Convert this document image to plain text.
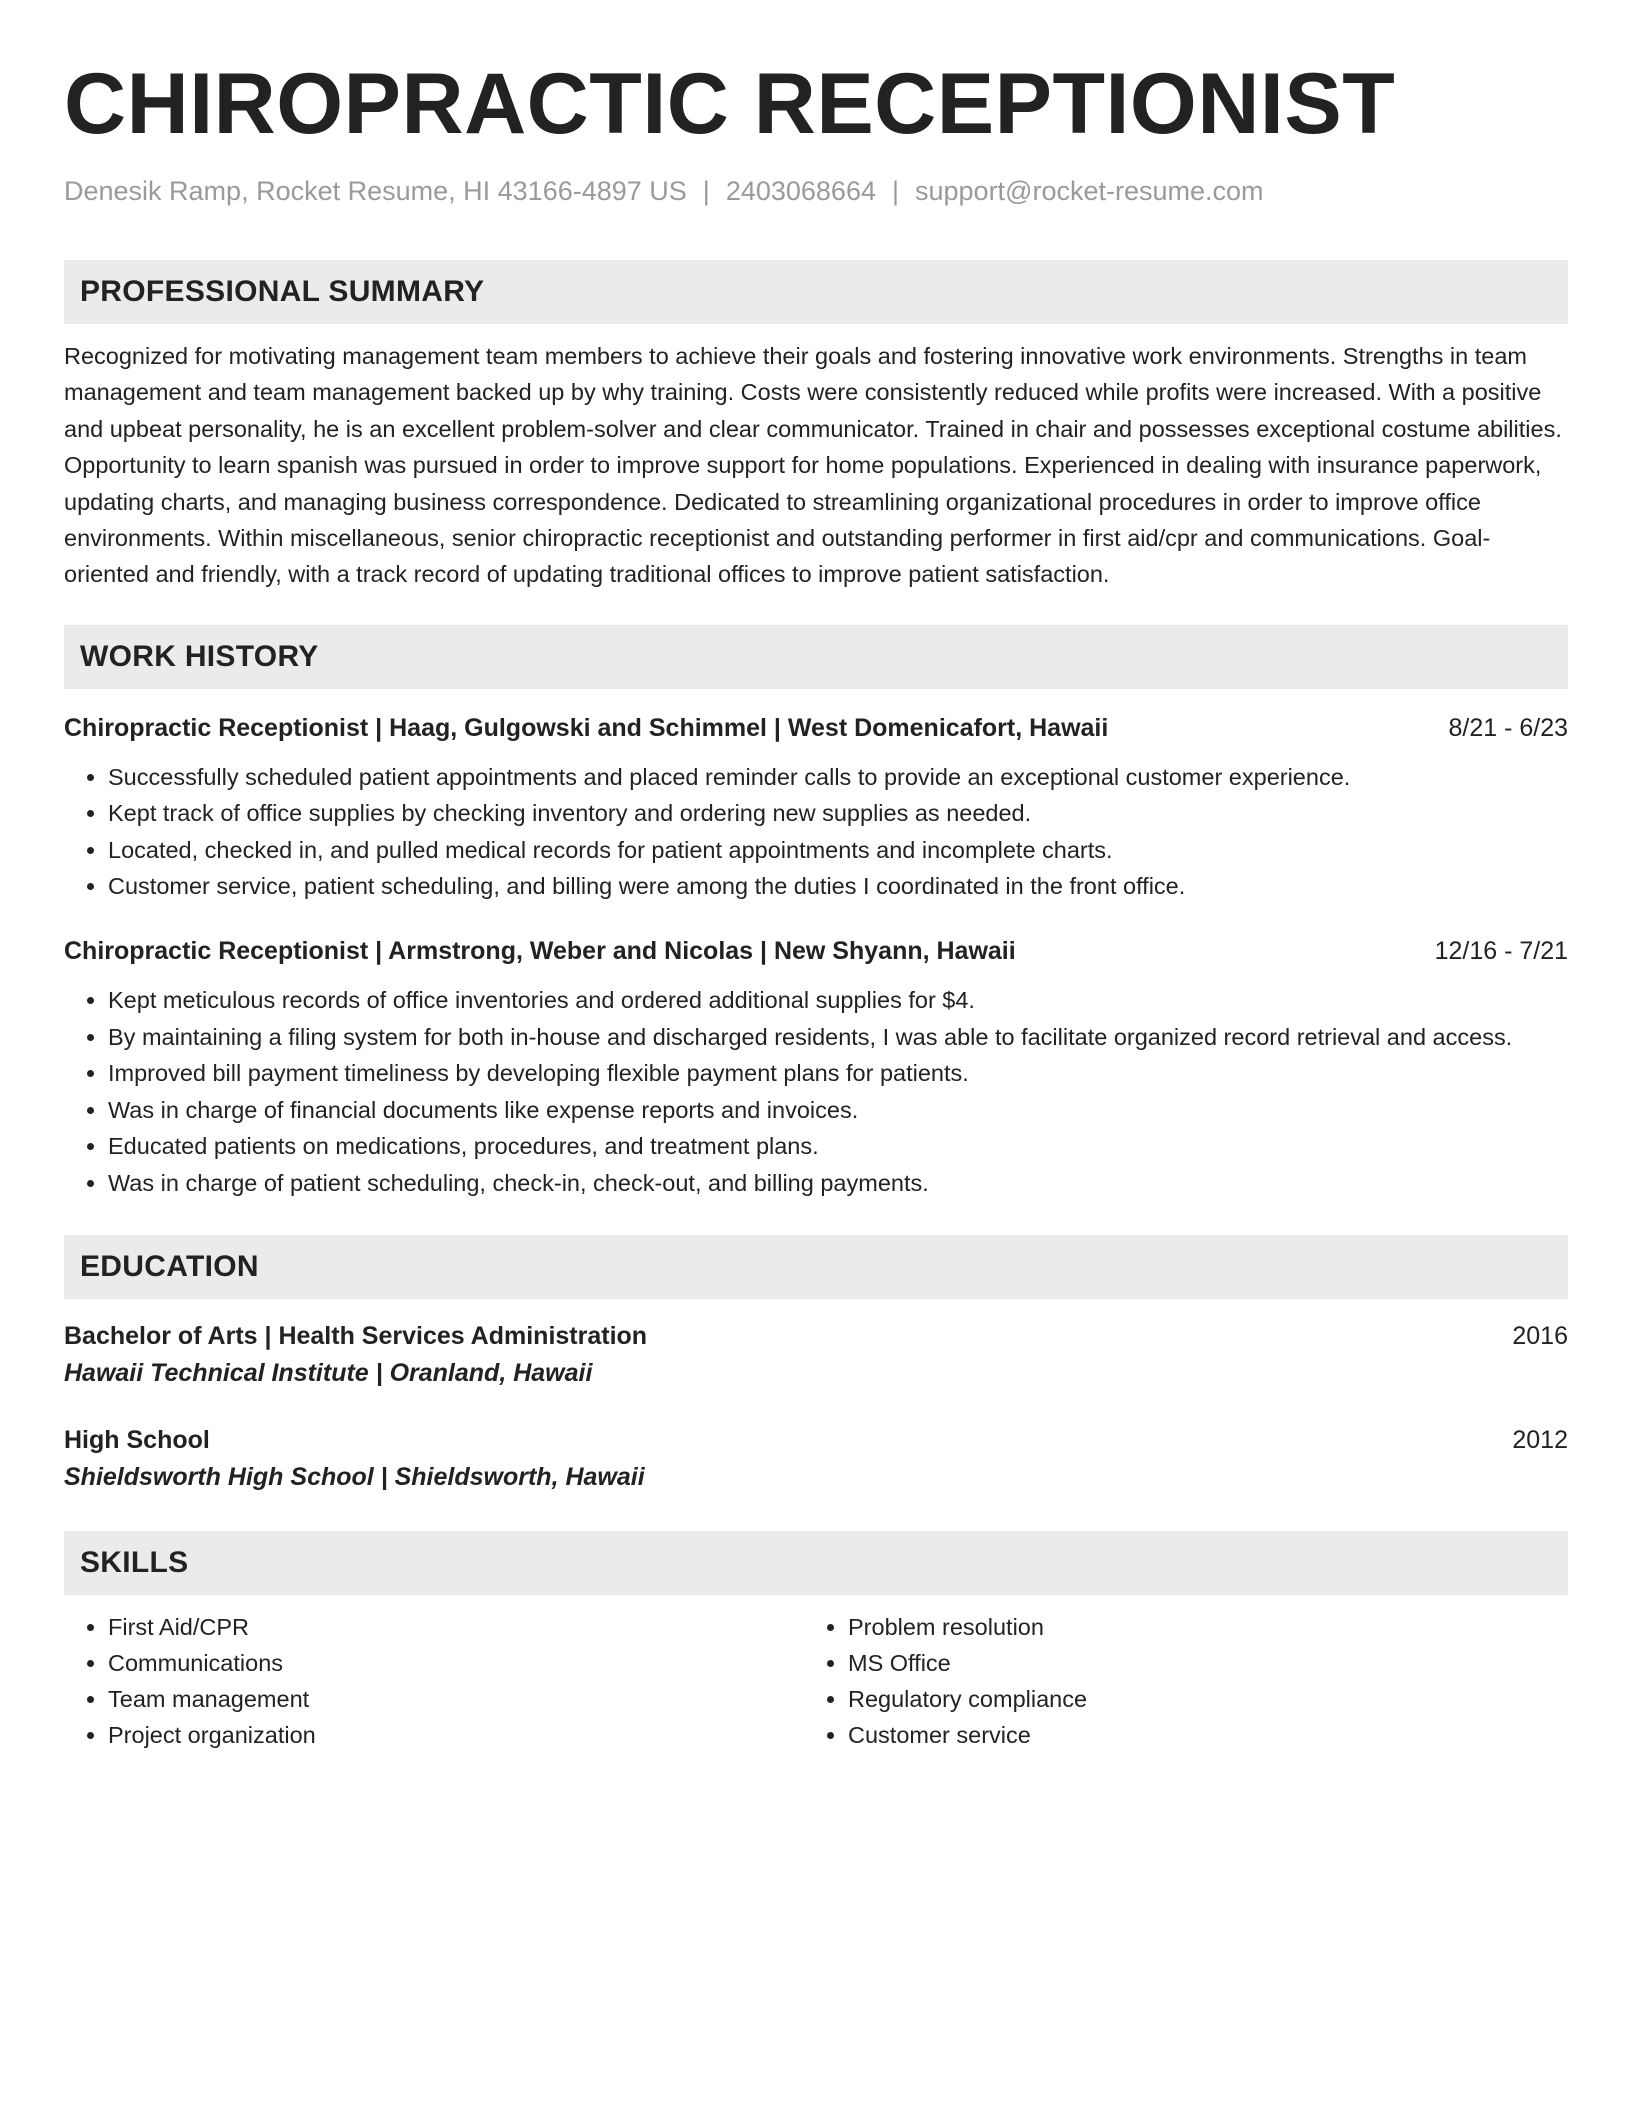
CHIROPRACTIC RECEPTIONIST
Denesik Ramp, Rocket Resume, HI 43166-4897 US | 2403068664 | support@rocket-resume.com
PROFESSIONAL SUMMARY

Recognized for motivating management team members to achieve their goals and fostering innovative work environments. Strengths in team management and team management backed up by why training. Costs were consistently reduced while profits were increased. With a positive and upbeat personality, he is an excellent problem-solver and clear communicator. Trained in chair and possesses exceptional costume abilities. Opportunity to learn spanish was pursued in order to improve support for home populations. Experienced in dealing with insurance paperwork, updating charts, and managing business correspondence. Dedicated to streamlining organizational procedures in order to improve office environments. Within miscellaneous, senior chiropractic receptionist and outstanding performer in first aid/cpr and communications. Goal-oriented and friendly, with a track record of updating traditional offices to improve patient satisfaction.

WORK HISTORY
Chiropractic Receptionist | Haag, Gulgowski and Schimmel | West Domenicafort, Hawaii	8/21 - 6/23
• Successfully scheduled patient appointments and placed reminder calls to provide an exceptional customer experience.
• Kept track of office supplies by checking inventory and ordering new supplies as needed.
• Located, checked in, and pulled medical records for patient appointments and incomplete charts.
• Customer service, patient scheduling, and billing were among the duties I coordinated in the front office.
Chiropractic Receptionist | Armstrong, Weber and Nicolas | New Shyann, Hawaii	12/16 - 7/21
• Kept meticulous records of office inventories and ordered additional supplies for $4.
• By maintaining a filing system for both in-house and discharged residents, I was able to facilitate organized record retrieval and access.
• Improved bill payment timeliness by developing flexible payment plans for patients.
• Was in charge of financial documents like expense reports and invoices.
• Educated patients on medications, procedures, and treatment plans.
• Was in charge of patient scheduling, check-in, check-out, and billing payments.
EDUCATION
Bachelor of Arts | Health Services Administration	2016
Hawaii Technical Institute | Oranland, Hawaii
High School	2012
Shieldsworth High School | Shieldsworth, Hawaii
SKILLS
• First Aid/CPR
• Communications
• Team management
• Project organization
• Problem resolution
• MS Office
• Regulatory compliance
• Customer service
